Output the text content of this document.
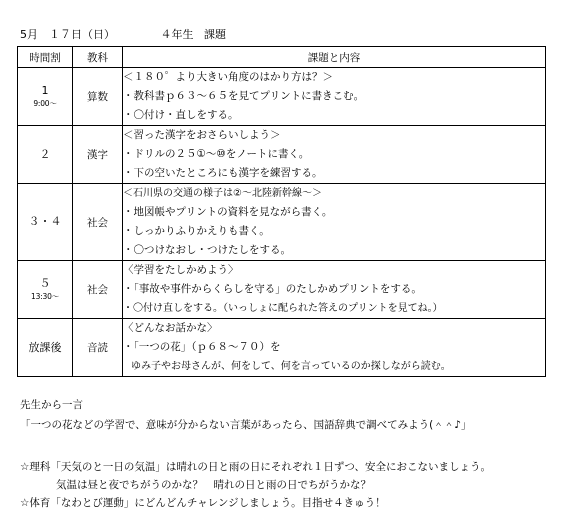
5月　１７日（日）	４年生 課題
時間割	教科	課題と内容

1
9:00～	算数	＜１８０゜より大きい角度のはかり方は？＞
・教科書ｐ６３～６５を見てプリントに書きこむ。
・〇付け・直しをする。

２	漢字	＜習った漢字をおさらいしよう＞
・ドリルの２５①～⑩をノートに書く。
・下の空いたところにも漢字を練習する。

３・４	社会	＜石川県の交通の様子は②～北陸新幹線～＞
・地図帳やプリントの資料を見ながら書く。
・しっかりふりかえりも書く。
・〇つけなおし・つけたしをする。

５
13:30～	社会	〈学習をたしかめよう〉
・「事故や事件からくらしを守る」のたしかめプリントをする。
・〇付け直しをする。（いっしょに配られた答えのプリントを見てね。）

放課後	音読	〈どんなお話かな〉
・「一つの花」（ｐ６８～７０）を
ゆみ子やお母さんが、何をして、何を言っているのか探しながら読む。
先生から一言
「一つの花などの学習で、意味が分からない言葉があったら、国語辞典で調べてみよう(＾＾♪」
☆理科「天気のと一日の気温」は晴れの日と雨の日にそれぞれ１日ずつ、安全におこないましょう。
気温は昼と夜でちがうのかな？　晴れの日と雨の日でちがうかな？
☆体育「なわとび運動」にどんどんチャレンジしましょう。目指せ４きゅう！
